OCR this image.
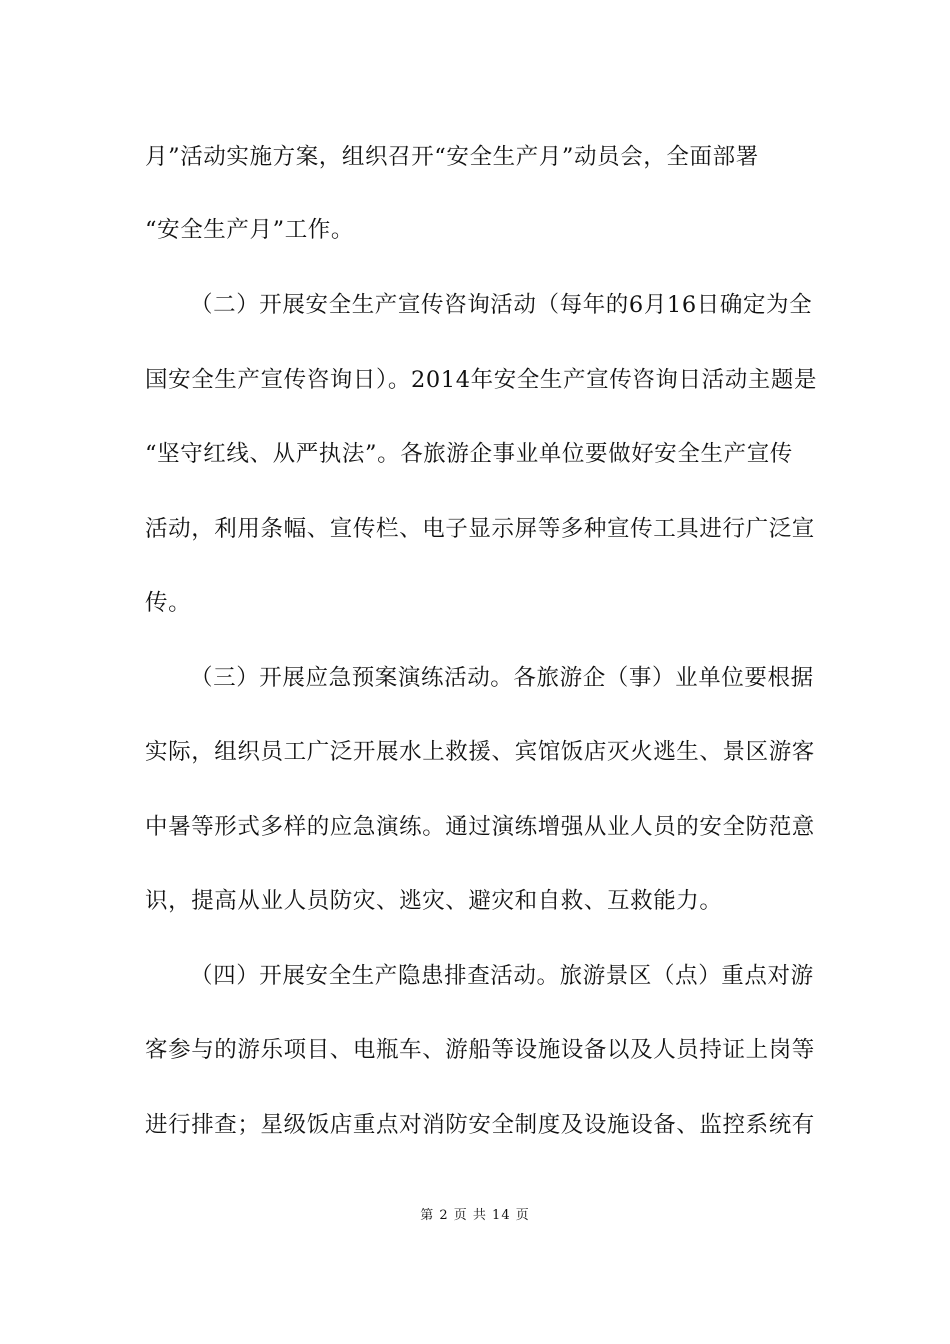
月”活动实施方案，组织召开“安全生产月”动员会，全面部署
“安全生产月”工作。
（二）开展安全生产宣传咨询活动（每年的6月16日确定为全
国安全生产宣传咨询日）。2014年安全生产宣传咨询日活动主题是
“坚守红线、从严执法”。各旅游企事业单位要做好安全生产宣传
活动，利用条幅、宣传栏、电子显示屏等多种宣传工具进行广泛宣
传。
（三）开展应急预案演练活动。各旅游企（事）业单位要根据
实际，组织员工广泛开展水上救援、宾馆饭店灭火逃生、景区游客
中暑等形式多样的应急演练。通过演练增强从业人员的安全防范意
识，提高从业人员防灾、逃灾、避灾和自救、互救能力。
（四）开展安全生产隐患排查活动。旅游景区（点）重点对游
客参与的游乐项目、电瓶车、游船等设施设备以及人员持证上岗等
进行排查；星级饭店重点对消防安全制度及设施设备、监控系统有
第 2 页 共 14 页
